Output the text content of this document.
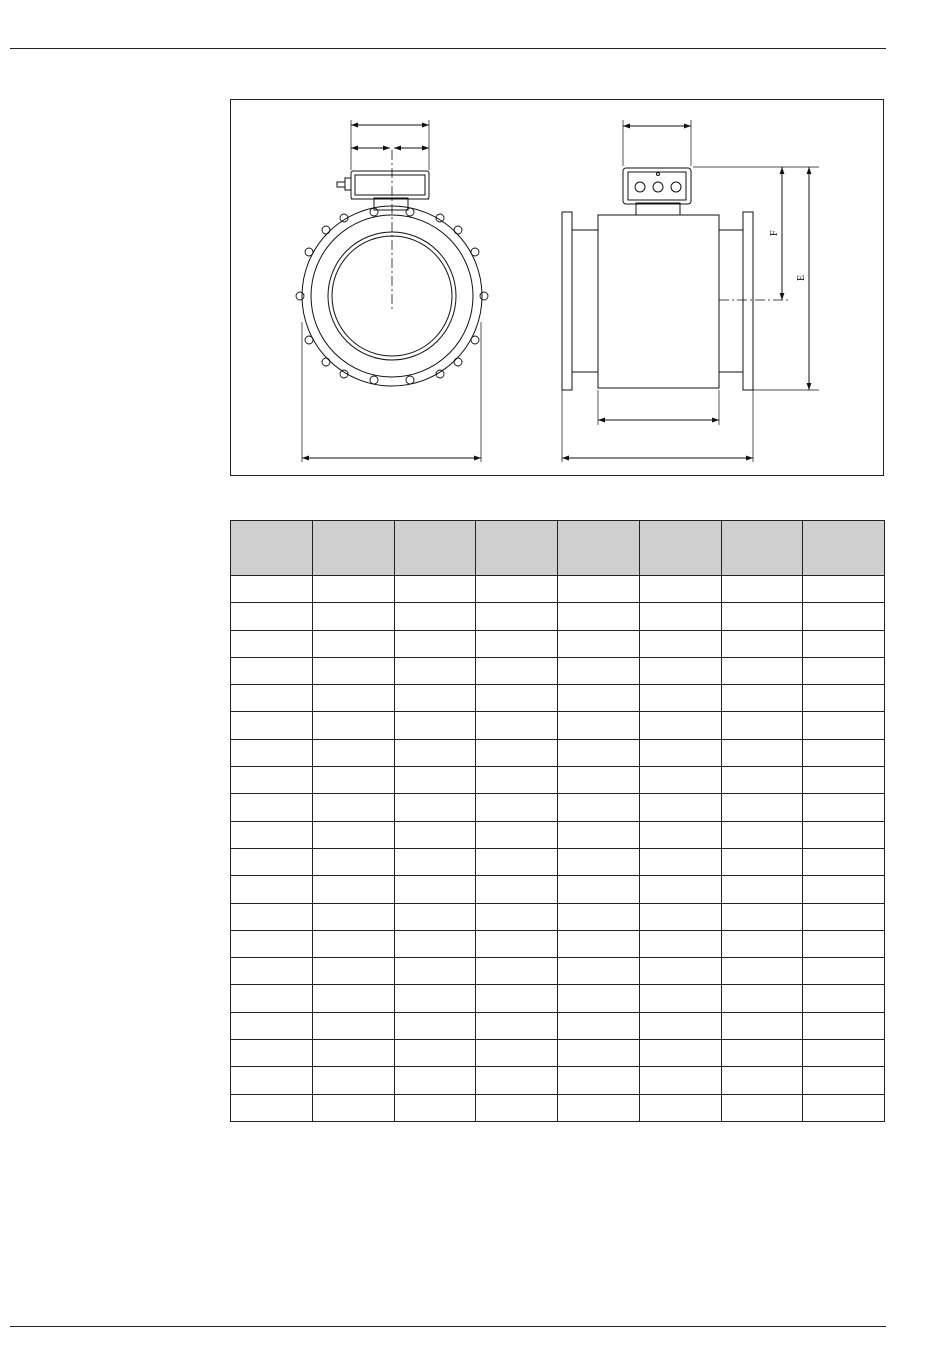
F
E
